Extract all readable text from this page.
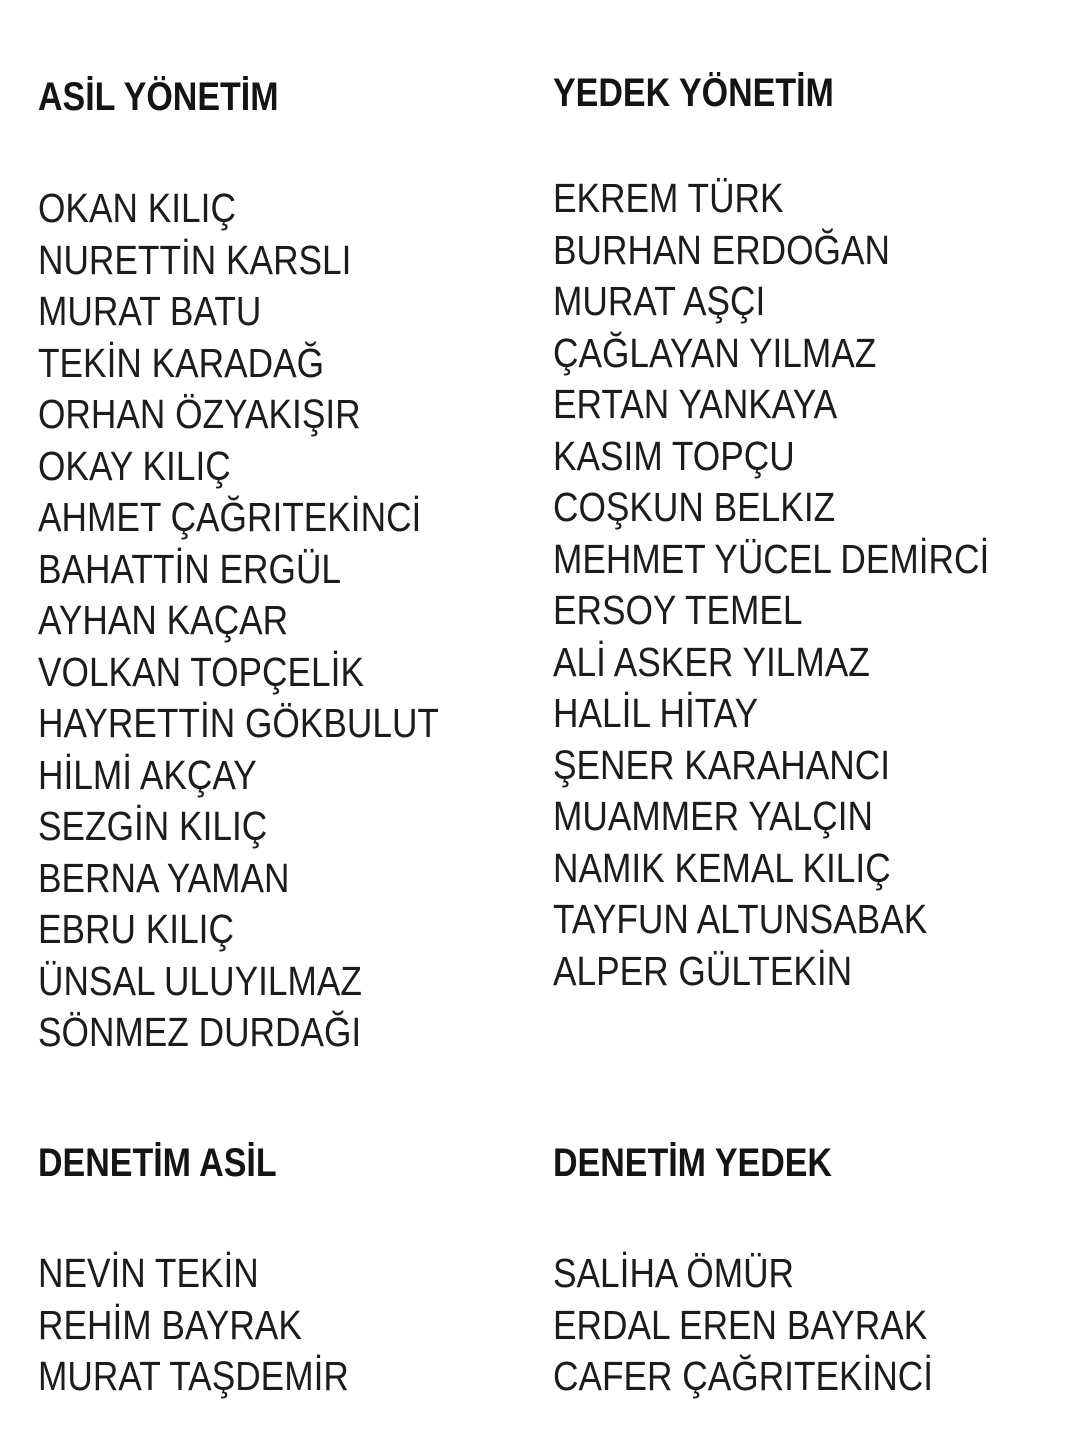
ASİL YÖNETİM
OKAN KILIÇ
NURETTİN KARSLI
MURAT BATU
TEKİN KARADAĞ
ORHAN ÖZYAKIŞIR
OKAY KILIÇ
AHMET ÇAĞRITEKİNCİ
BAHATTİN ERGÜL
AYHAN KAÇAR
VOLKAN TOPÇELİK
HAYRETTİN GÖKBULUT
HİLMİ AKÇAY
SEZGİN KILIÇ
BERNA YAMAN
EBRU KILIÇ
ÜNSAL ULUYILMAZ
SÖNMEZ DURDAĞI
YEDEK YÖNETİM
EKREM TÜRK
BURHAN ERDOĞAN
MURAT AŞÇI
ÇAĞLAYAN YILMAZ
ERTAN YANKAYA
KASIM TOPÇU
COŞKUN BELKIZ
MEHMET YÜCEL DEMİRCİ
ERSOY TEMEL
ALİ ASKER YILMAZ
HALİL HİTAY
ŞENER KARAHANCI
MUAMMER YALÇIN
NAMIK KEMAL KILIÇ
TAYFUN ALTUNSABAK
ALPER GÜLTEKİN
DENETİM ASİL
NEVİN TEKİN
REHİM BAYRAK
MURAT TAŞDEMİR
DENETİM YEDEK
SALİHA ÖMÜR
ERDAL EREN BAYRAK
CAFER ÇAĞRITEKİNCİ
